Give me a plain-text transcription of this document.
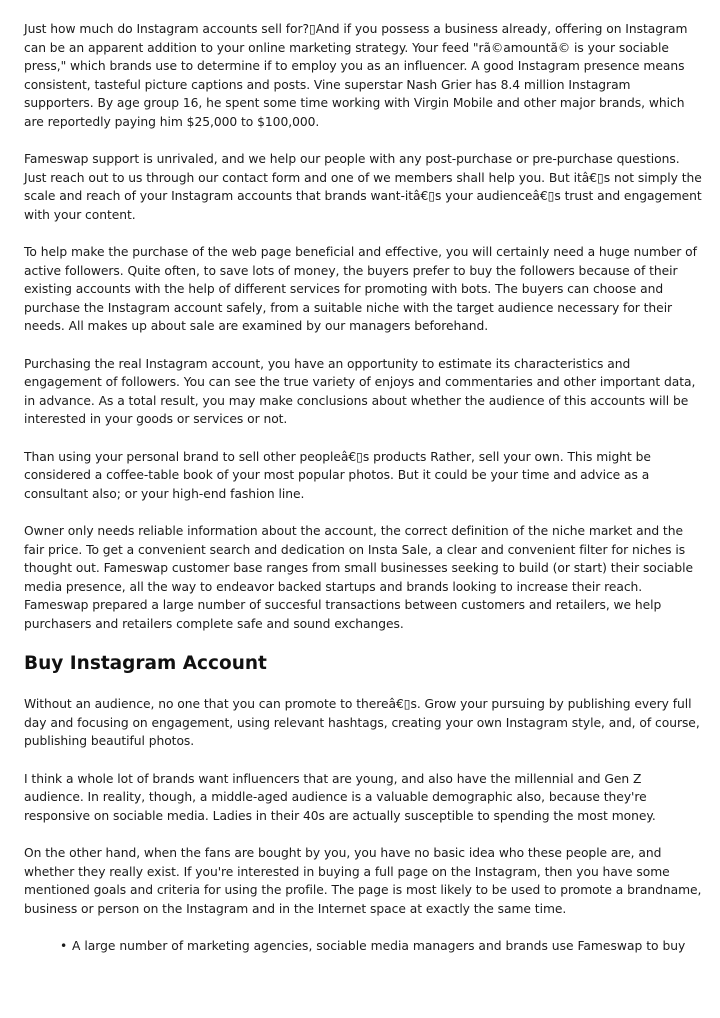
Just how much do Instagram accounts sell for?▯And if you possess a business already, offering on Instagram can be an apparent addition to your online marketing strategy. Your feed "rã©amountã© is your sociable press," which brands use to determine if to employ you as an influencer. A good Instagram presence means consistent, tasteful picture captions and posts. Vine superstar Nash Grier has 8.4 million Instagram supporters. By age group 16, he spent some time working with Virgin Mobile and other major brands, which are reportedly paying him $25,000 to $100,000.

Fameswap support is unrivaled, and we help our people with any post-purchase or pre-purchase questions. Just reach out to us through our contact form and one of we members shall help you. But itâ€▯s not simply the scale and reach of your Instagram accounts that brands want-itâ€▯s your audienceâ€▯s trust and engagement with your content.

To help make the purchase of the web page beneficial and effective, you will certainly need a huge number of active followers. Quite often, to save lots of money, the buyers prefer to buy the followers because of their existing accounts with the help of different services for promoting with bots. The buyers can choose and purchase the Instagram account safely, from a suitable niche with the target audience necessary for their needs. All makes up about sale are examined by our managers beforehand.

Purchasing the real Instagram account, you have an opportunity to estimate its characteristics and engagement of followers. You can see the true variety of enjoys and commentaries and other important data, in advance. As a total result, you may make conclusions about whether the audience of this accounts will be interested in your goods or services or not.

Than using your personal brand to sell other peopleâ€▯s products Rather, sell your own. This might be considered a coffee-table book of your most popular photos. But it could be your time and advice as a consultant also; or your high-end fashion line.

Owner only needs reliable information about the account, the correct definition of the niche market and the fair price. To get a convenient search and dedication on Insta Sale, a clear and convenient filter for niches is thought out. Fameswap customer base ranges from small businesses seeking to build (or start) their sociable media presence, all the way to endeavor backed startups and brands looking to increase their reach. Fameswap prepared a large number of succesful transactions between customers and retailers, we help purchasers and retailers complete safe and sound exchanges.

Buy Instagram Account

Without an audience, no one that you can promote to thereâ€▯s. Grow your pursuing by publishing every full day and focusing on engagement, using relevant hashtags, creating your own Instagram style, and, of course, publishing beautiful photos.

I think a whole lot of brands want influencers that are young, and also have the millennial and Gen Z audience. In reality, though, a middle-aged audience is a valuable demographic also, because they're responsive on sociable media. Ladies in their 40s are actually susceptible to spending the most money.

On the other hand, when the fans are bought by you, you have no basic idea who these people are, and whether they really exist. If you're interested in buying a full page on the Instagram, then you have some mentioned goals and criteria for using the profile. The page is most likely to be used to promote a brandname, business or person on the Instagram and in the Internet space at exactly the same time.

• A large number of marketing agencies, sociable media managers and brands use Fameswap to buy
